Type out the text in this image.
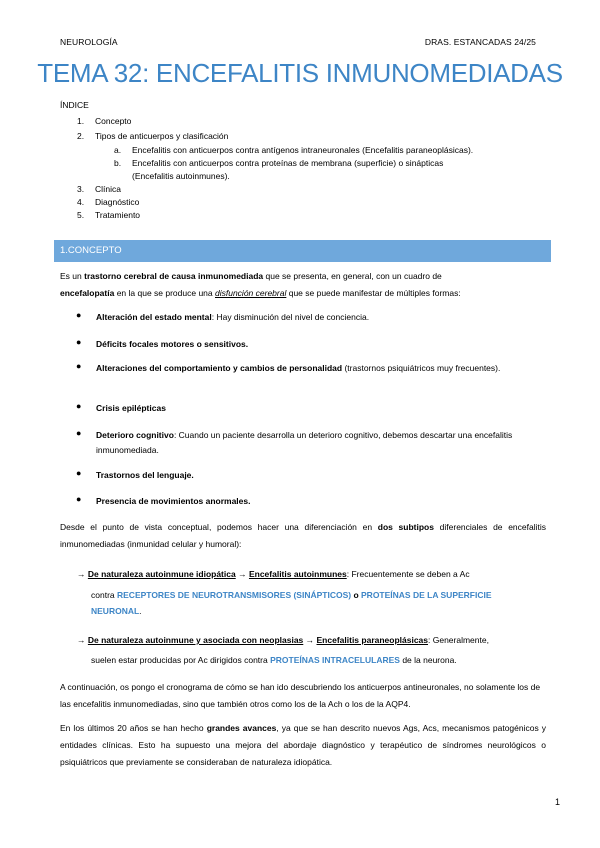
NEUROLOGÍA	DRAS. ESTANCADAS 24/25
TEMA 32: ENCEFALITIS INMUNOMEDIADAS
ÍNDICE
1. Concepto
2. Tipos de anticuerpos y clasificación
a. Encefalitis con anticuerpos contra antígenos intraneuronales (Encefalitis paraneoplásicas).
b. Encefalitis con anticuerpos contra proteínas de membrana (superficie) o sinápticas
(Encefalitis autoinmunes).
3. Clínica
4. Diagnóstico
5. Tratamiento
1.CONCEPTO
Es un trastorno cerebral de causa inmunomediada que se presenta, en general, con un cuadro de
encefalopatía en la que se produce una disfunción cerebral que se puede manifestar de múltiples formas:
● Alteración del estado mental: Hay disminución del nivel de conciencia.
● Déficits focales motores o sensitivos.
● Alteraciones del comportamiento y cambios de personalidad (trastornos psiquiátricos muy frecuentes).
● Crisis epilépticas
● Deterioro cognitivo: Cuando un paciente desarrolla un deterioro cognitivo, debemos descartar una encefalitis inmunomediada.
● Trastornos del lenguaje.
● Presencia de movimientos anormales.
Desde el punto de vista conceptual, podemos hacer una diferenciación en dos subtipos diferenciales de encefalitis inmunomediadas (inmunidad celular y humoral):
→ De naturaleza autoinmune idiopática → Encefalitis autoinmunes: Frecuentemente se deben a Ac
contra RECEPTORES DE NEUROTRANSMISORES (SINÁPTICOS) o PROTEÍNAS DE LA SUPERFICIE
NEURONAL.
→ De naturaleza autoinmune y asociada con neoplasias → Encefalitis paraneoplásicas: Generalmente,
suelen estar producidas por Ac dirigidos contra PROTEÍNAS INTRACELULARES de la neurona.
A continuación, os pongo el cronograma de cómo se han ido descubriendo los anticuerpos antineuronales, no solamente los de las encefalitis inmunomediadas, sino que también otros como los de la Ach o los de la AQP4.
En los últimos 20 años se han hecho grandes avances, ya que se han descrito nuevos Ags, Acs, mecanismos patogénicos y entidades clínicas. Esto ha supuesto una mejora del abordaje diagnóstico y terapéutico de síndromes neurológicos o psiquiátricos que previamente se consideraban de naturaleza idiopática.
1
